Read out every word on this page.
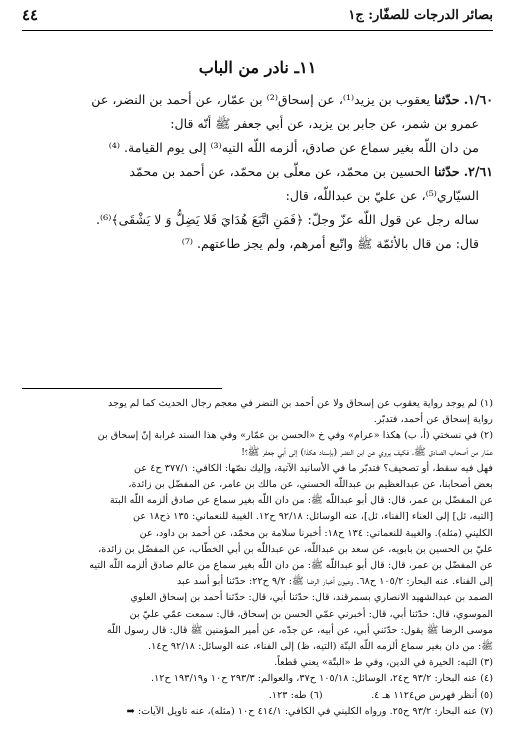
بصائر الدرجات للصفّار: ج۱
٤٤
١١ـ نادر من الباب

١/٦٠. حدّثنا يعقوب بن يزيد⁽¹⁾، عن إسحاق⁽²⁾ بن عمّار، عن أحمد بن النضر، عن

عمرو بن شمر، عن جابر بن يزيد، عن أبي جعفر ﷺ أنّه قال:

من دان اللّه بغير سماع عن صادق، ألزمه اللّه التيه⁽³⁾ إلى يوم القيامة. ⁽⁴⁾

٢/٦١. حدّثنا الحسين بن محمّد، عن معلّى بن محمّد، عن أحمد بن محمّد

السيّاري⁽⁵⁾، عن عليّ بن عبداللّه، قال:

ساله رجل عن قول اللّه عزّ وجلّ: ﴿فَمَنِ اتَّبَعَ هُدَايَ فَلا يَضِلُّ وَ لا يَشْقَى﴾⁽⁶⁾.

قال: من قال بالأئمّة ﷺ واتّبع أمرهم، ولم يجز طاعتهم. ⁽⁷⁾

(١) لم يوجد رواية يعقوب عن إسحاق ولا عن أحمد بن النضر في معجم رجال الحديث كما لم يوجد

رواية إسحاق عن أحمد، فتدبّر.

(٢) في نسختي (أ، ب) هكذا «عرام» وفي خ «الحسن بن عمّار» وفي هذا السند غرابة إنّ إسحاق بن

عمّار من أصحاب الصادق ﷺ، فكيف يروي عن ابن النضر (بإسناد هكذا) إلى أبي جعفر ﷺ؟!

فهل فيه سقط، أو تصحيف؟ فتدبّر ما في الأسانيد الآتية، وإليك نصّها: الكافي: ٣٧٧/١ ح٤ عن

بعض أصحابنا، عن عبدالعظيم بن عبداللّه الحسني، عن مالك بن عامر، عن المفضّل بن زائدة،

عن المفضّل بن عمر، قال: قال أبو عبداللّه ﷺ: من دان اللّه بغير سماع عن صادق ألزمه اللّه البتة

[التيه، ئل] إلى العناء [الفناء، ئل]، عنه الوسائل: ٩٢/١٨ ح١٢. الغيبة للنعماني: ١٣٥ ذح١٨ عن

الكليني (مثله). والغيبة للنعماني: ١٣٤ ح١٨: أخبرنا سلامة بن محمّد، عن أحمد بن داود، عن

عليّ بن الحسين بن بابويه، عن سعد بن عبداللّه، عن عبداللّه بن أبي الخطّاب، عن المفضّل بن زائدة،

عن المفضّل بن عمر، قال: قال أبو عبداللّه ﷺ: من دان اللّه بغير سماع من عالم صادق ألزمه اللّه التيه

إلى الفناء. عنه البحار: ١٠٥/٢ ح٦٨. وعيون أخبار الرضا ﷺ: ٩/٢ ح٢٢: حدّثنا أبو أسد عبد

الصمد بن عبدالشهيد الانصاري بسمرقند، قال: حدّثنا أبي، قال: حدّثنا أحمد بن إسحاق العلوي

الموسوي، قال: حدّثنا أبي، قال: أخبرني عمّي الحسن بن إسحاق، قال: سمعت عمّي عليّ بن

موسى الرضا ﷺ يقول: حدّثني أبي، عن أبيه، عن جدّه، عن أمير المؤمنين ﷺ قال: قال رسول اللّه

ﷺ: من دان بغير سماع ألزمه اللّه البتّة (التيه، ظ) إلى الفناء، عنه الوسائل: ٩٢/١٨ ح١٤.

(٣) التيه: الحيرة في الدين، وفي ط «البتّة» يعني قطعاً.

(٤) عنه البحار: ٩٣/٢ ح٢٤، الوسائل: ١٠٥/١٨ ح٣٧، والعوالم: ٢٩٣/٣ ح١٠ و١٩٣/١٩ ح١٢.

(٥) أنظر فهرس ص١١٢٤ هـ ٤.     (٦) طه: ١٢٣.

(٧) عنه البحار: ٩٣/٢ ح٢٥. ورواه الكليني في الكافي: ٤١٤/١ ح١٠ (مثله)، عنه تاويل الآيات: ➡
